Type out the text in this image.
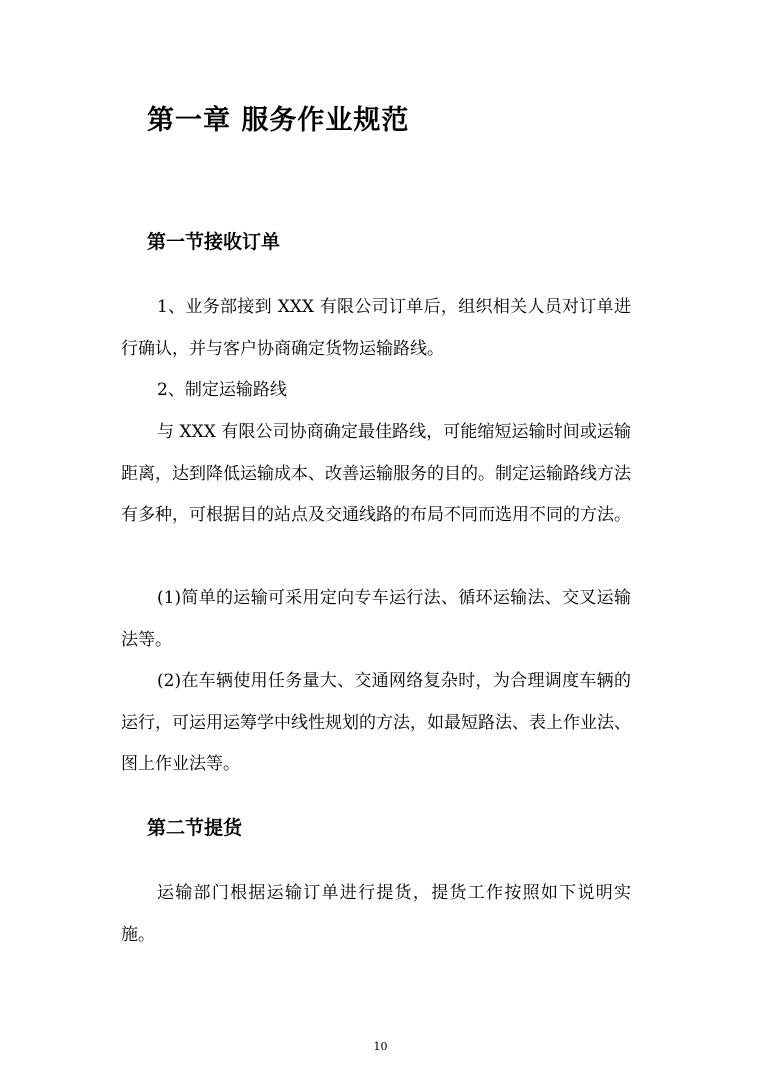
第一章 服务作业规范
第一节接收订单

1、业务部接到 XXX 有限公司订单后，组织相关人员对订单进行确认，并与客户协商确定货物运输路线。

2、制定运输路线

与 XXX 有限公司协商确定最佳路线，可能缩短运输时间或运输距离，达到降低运输成本、改善运输服务的目的。制定运输路线方法有多种，可根据目的站点及交通线路的布局不同而选用不同的方法。

(1)简单的运输可采用定向专车运行法、循环运输法、交叉运输法等。

(2)在车辆使用任务量大、交通网络复杂时，为合理调度车辆的运行，可运用运筹学中线性规划的方法，如最短路法、表上作业法、图上作业法等。

第二节提货

运输部门根据运输订单进行提货，提货工作按照如下说明实施。

10
